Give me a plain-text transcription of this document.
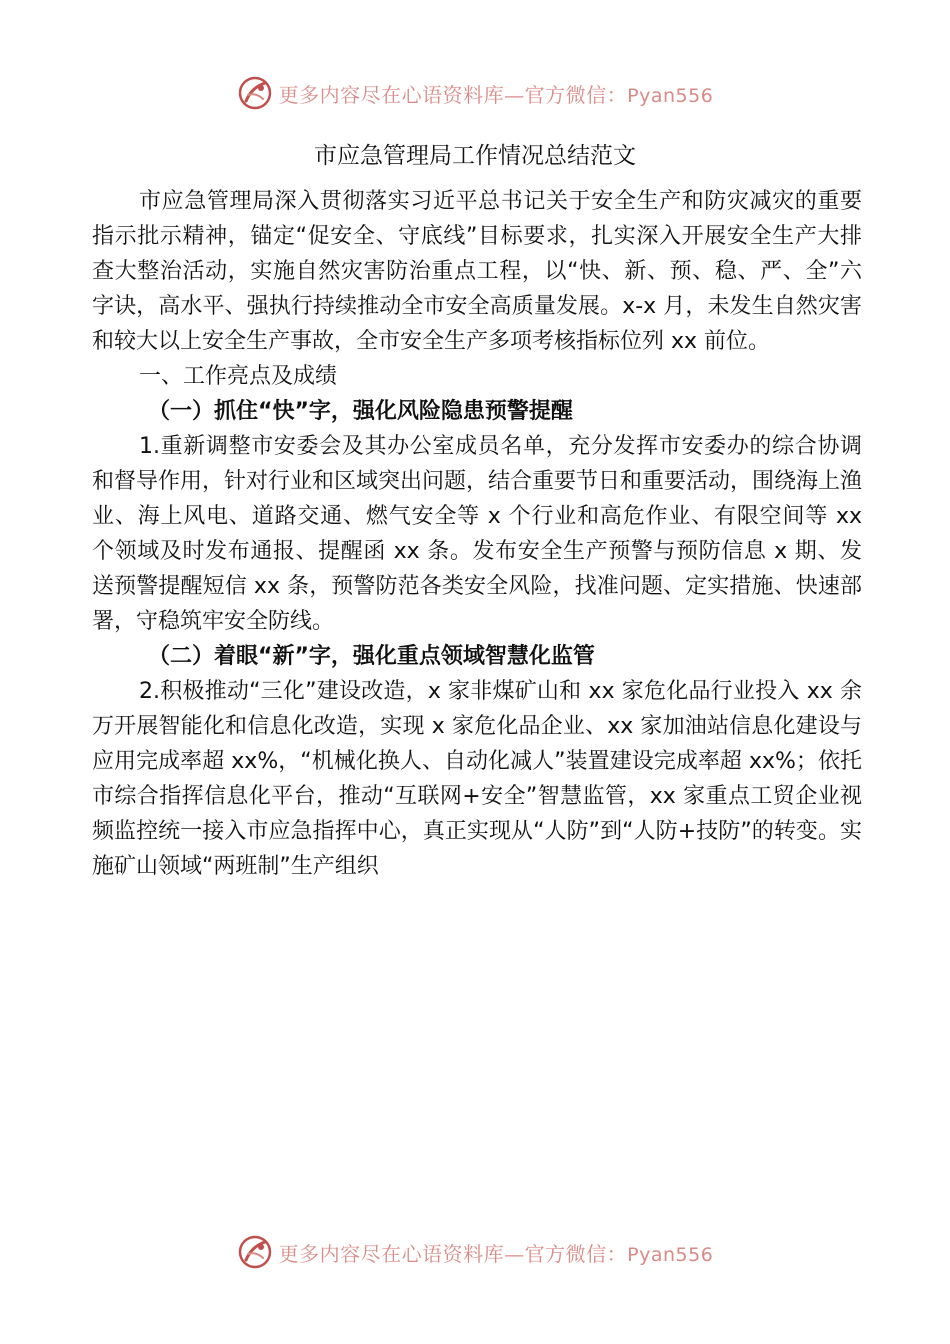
更多内容尽在心语资料库—官方微信：Pyan556
市应急管理局工作情况总结范文

市应急管理局深入贯彻落实习近平总书记关于安全生产和防灾减灾的重要指示批示精神，锚定“促安全、守底线”目标要求，扎实深入开展安全生产大排查大整治活动，实施自然灾害防治重点工程，以“快、新、预、稳、严、全”六字诀，高水平、强执行持续推动全市安全高质量发展。x-x 月，未发生自然灾害和较大以上安全生产事故，全市安全生产多项考核指标位列 xx 前位。

一、工作亮点及成绩

（一）抓住“快”字，强化风险隐患预警提醒

1.重新调整市安委会及其办公室成员名单，充分发挥市安委办的综合协调和督导作用，针对行业和区域突出问题，结合重要节日和重要活动，围绕海上渔业、海上风电、道路交通、燃气安全等 x 个行业和高危作业、有限空间等 xx 个领域及时发布通报、提醒函 xx 条。发布安全生产预警与预防信息 x 期、发送预警提醒短信 xx 条，预警防范各类安全风险，找准问题、定实措施、快速部署，守稳筑牢安全防线。

（二）着眼“新”字，强化重点领域智慧化监管

2.积极推动“三化”建设改造，x 家非煤矿山和 xx 家危化品行业投入 xx 余万开展智能化和信息化改造，实现 x 家危化品企业、xx 家加油站信息化建设与应用完成率超 xx%，“机械化换人、自动化减人”装置建设完成率超 xx%；依托市综合指挥信息化平台，推动“互联网+安全”智慧监管，xx 家重点工贸企业视频监控统一接入市应急指挥中心，真正实现从“人防”到“人防+技防”的转变。实施矿山领域“两班制”生产组织

更多内容尽在心语资料库—官方微信：Pyan556
